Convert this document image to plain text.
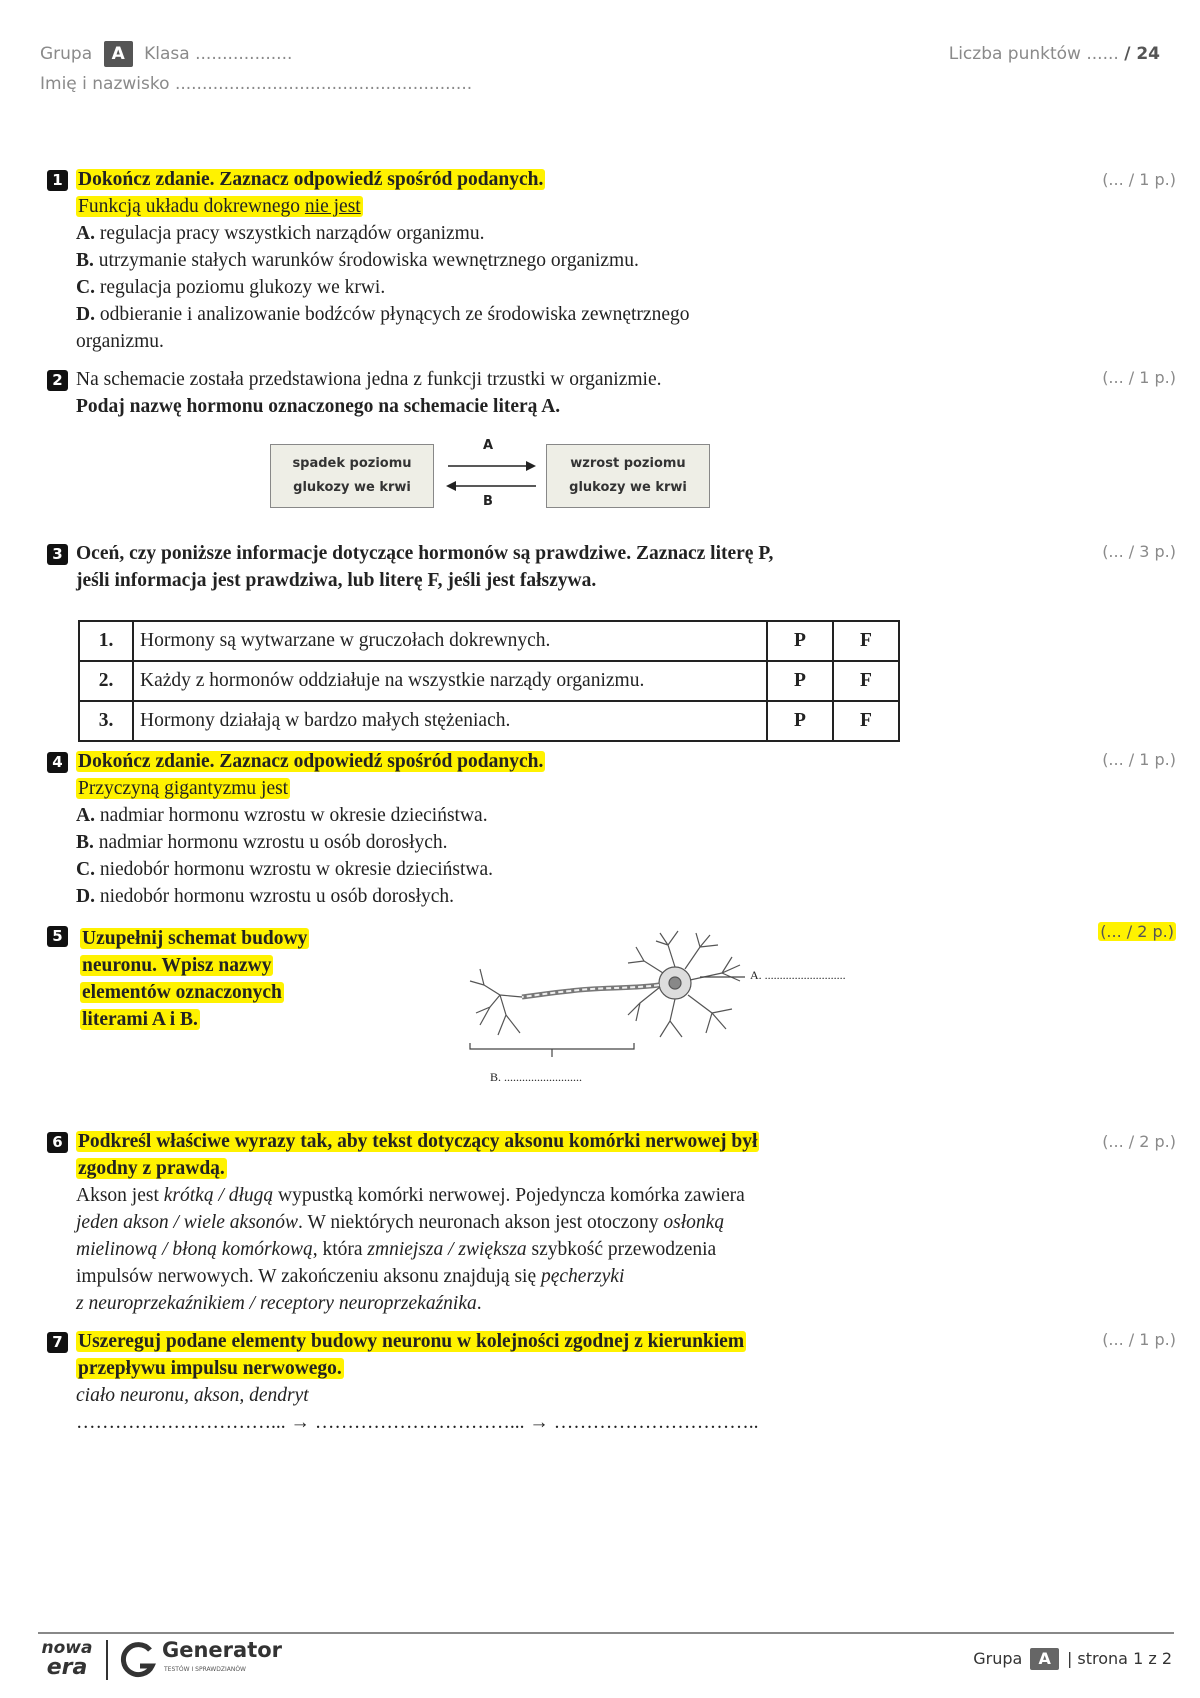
Grupa A Klasa ..................	Liczba punktów ...... / 24
Imię i nazwisko .......................................................
1 Dokończ zdanie. Zaznacz odpowiedź spośród podanych.
Funkcją układu dokrewnego nie jest
A. regulacja pracy wszystkich narządów organizmu.
B. utrzymanie stałych warunków środowiska wewnętrznego organizmu.
C. regulacja poziomu glukozy we krwi.
D. odbieranie i analizowanie bodźców płynących ze środowiska zewnętrznego
organizmu.
(... / 1 p.)
2 Na schemacie została przedstawiona jedna z funkcji trzustki w organizmie.
Podaj nazwę hormonu oznaczonego na schemacie literą A.
(... / 1 p.)
spadek poziomu
glukozy we krwi
wzrost poziomu
glukozy we krwi
A
B
3 Oceń, czy poniższe informacje dotyczące hormonów są prawdziwe. Zaznacz literę P,
jeśli informacja jest prawdziwa, lub literę F, jeśli jest fałszywa.
(... / 3 p.)
1.	Hormony są wytwarzane w gruczołach dokrewnych.	P	F
2.	Każdy z hormonów oddziałuje na wszystkie narządy organizmu.	P	F
3.	Hormony działają w bardzo małych stężeniach.	P	F
4 Dokończ zdanie. Zaznacz odpowiedź spośród podanych.
Przyczyną gigantyzmu jest
A. nadmiar hormonu wzrostu w okresie dzieciństwa.
B. nadmiar hormonu wzrostu u osób dorosłych.
C. niedobór hormonu wzrostu w okresie dzieciństwa.
D. niedobór hormonu wzrostu u osób dorosłych.
(... / 1 p.)
5 Uzupełnij schemat budowy
neuronu. Wpisz nazwy
elementów oznaczonych
literami A i B.
(... / 2 p.)
A. ...........................
B. ..........................
6 Podkreśl właściwe wyrazy tak, aby tekst dotyczący aksonu komórki nerwowej był
zgodny z prawdą.
Akson jest krótką / długą wypustką komórki nerwowej. Pojedyncza komórka zawiera
jeden akson / wiele aksonów. W niektórych neuronach akson jest otoczony osłonką
mielinową / błoną komórkową, która zmniejsza / zwiększa szybkość przewodzenia
impulsów nerwowych. W zakończeniu aksonu znajdują się pęcherzyki
z neuroprzekaźnikiem / receptory neuroprzekaźnika.
(... / 2 p.)
7 Uszereguj podane elementy budowy neuronu w kolejności zgodnej z kierunkiem
przepływu impulsu nerwowego.
ciało neuronu, akson, dendryt
…………………………... → …………………………... → …………………………..
(... / 1 p.)
nowa
era
Generator
TESTÓW I SPRAWDZIANÓW
Grupa A | strona 1 z 2
